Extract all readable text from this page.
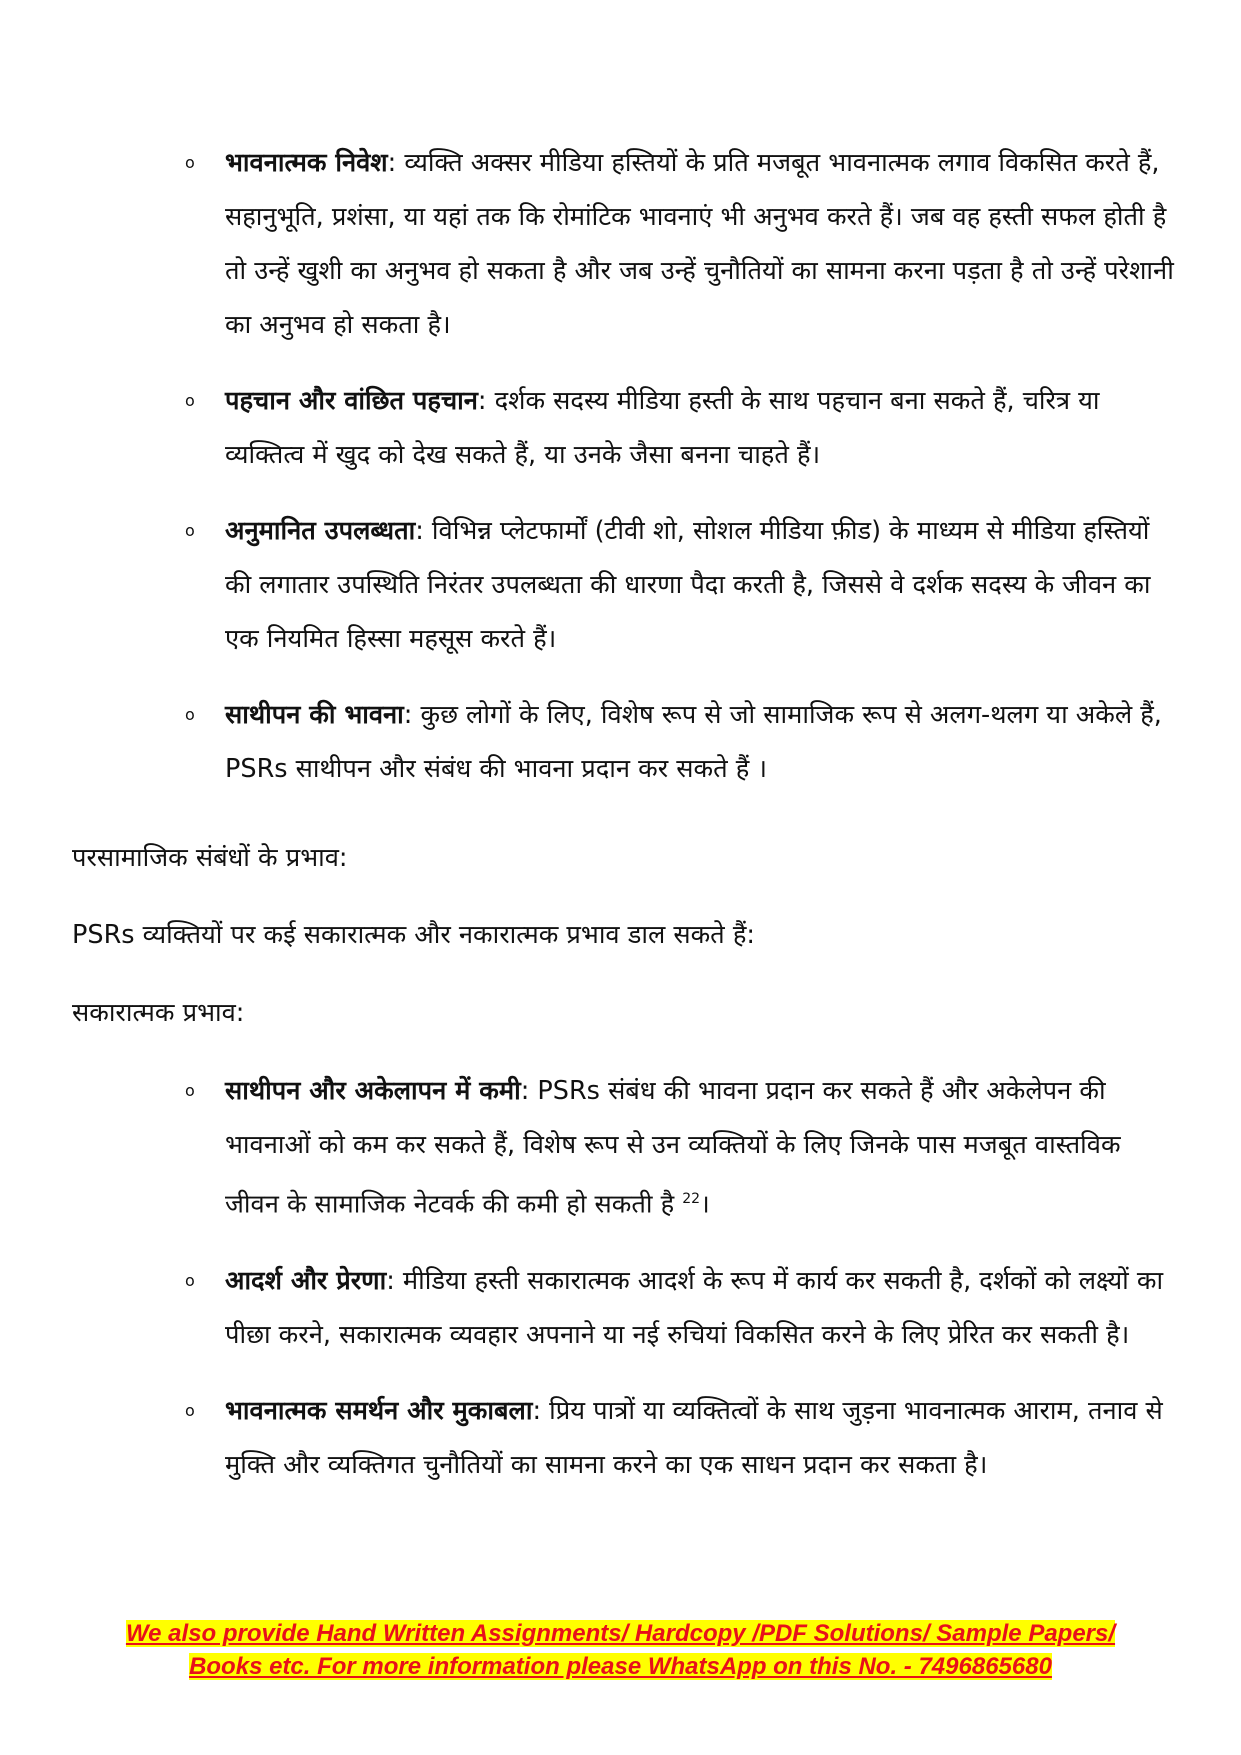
o भावनात्मक निवेश: व्यक्ति अक्सर मीडिया हस्तियों के प्रति मजबूत भावनात्मक लगाव विकसित करते हैं, सहानुभूति, प्रशंसा, या यहां तक कि रोमांटिक भावनाएं भी अनुभव करते हैं। जब वह हस्ती सफल होती है तो उन्हें खुशी का अनुभव हो सकता है और जब उन्हें चुनौतियों का सामना करना पड़ता है तो उन्हें परेशानी का अनुभव हो सकता है।
o पहचान और वांछित पहचान: दर्शक सदस्य मीडिया हस्ती के साथ पहचान बना सकते हैं, चरित्र या व्यक्तित्व में खुद को देख सकते हैं, या उनके जैसा बनना चाहते हैं।
o अनुमानित उपलब्धता: विभिन्न प्लेटफार्मों (टीवी शो, सोशल मीडिया फ़ीड) के माध्यम से मीडिया हस्तियों की लगातार उपस्थिति निरंतर उपलब्धता की धारणा पैदा करती है, जिससे वे दर्शक सदस्य के जीवन का एक नियमित हिस्सा महसूस करते हैं।
o साथीपन की भावना: कुछ लोगों के लिए, विशेष रूप से जो सामाजिक रूप से अलग-थलग या अकेले हैं, PSRs साथीपन और संबंध की भावना प्रदान कर सकते हैं ।

परसामाजिक संबंधों के प्रभाव:

PSRs व्यक्तियों पर कई सकारात्मक और नकारात्मक प्रभाव डाल सकते हैं:

सकारात्मक प्रभाव:

o साथीपन और अकेलापन में कमी: PSRs संबंध की भावना प्रदान कर सकते हैं और अकेलेपन की भावनाओं को कम कर सकते हैं, विशेष रूप से उन व्यक्तियों के लिए जिनके पास मजबूत वास्तविक जीवन के सामाजिक नेटवर्क की कमी हो सकती है $^{22}$।
o आदर्श और प्रेरणा: मीडिया हस्ती सकारात्मक आदर्श के रूप में कार्य कर सकती है, दर्शकों को लक्ष्यों का पीछा करने, सकारात्मक व्यवहार अपनाने या नई रुचियां विकसित करने के लिए प्रेरित कर सकती है।
o भावनात्मक समर्थन और मुकाबला: प्रिय पात्रों या व्यक्तित्वों के साथ जुड़ना भावनात्मक आराम, तनाव से मुक्ति और व्यक्तिगत चुनौतियों का सामना करने का एक साधन प्रदान कर सकता है।
We also provide Hand Written Assignments/ Hardcopy /PDF Solutions/ Sample Papers/
Books etc. For more information please WhatsApp on this No. - 7496865680
